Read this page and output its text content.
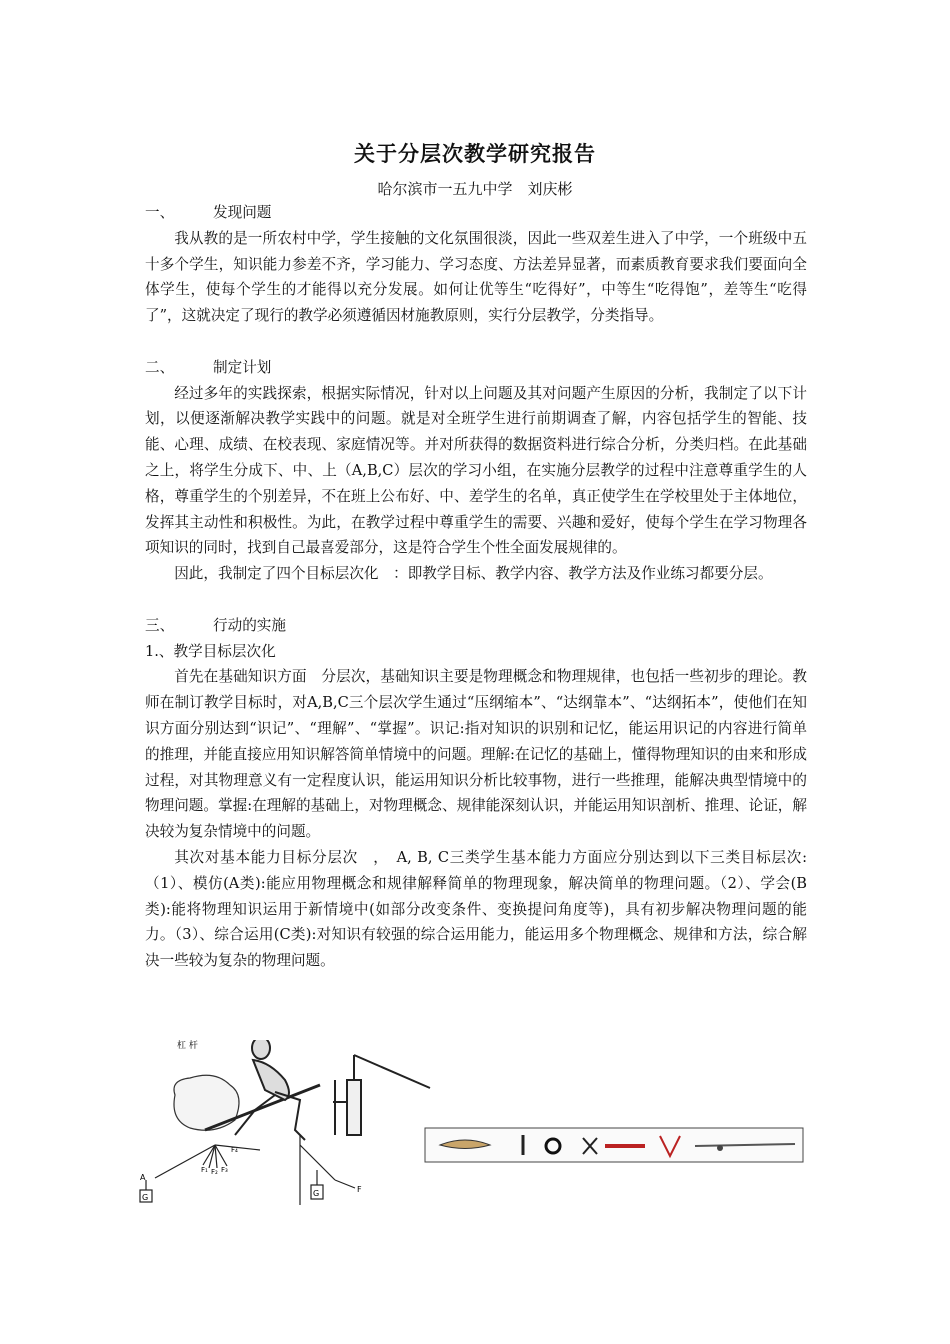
关于分层次教学研究报告
哈尔滨市一五九中学　刘庆彬
一、	发现问题

我从教的是一所农村中学，学生接触的文化氛围很淡，因此一些双差生进入了中学，一个班级中五十多个学生，知识能力参差不齐，学习能力、学习态度、方法差异显著，而素质教育要求我们要面向全体学生，使每个学生的才能得以充分发展。如何让优等生“吃得好”，中等生“吃得饱”，差等生“吃得了”，这就决定了现行的教学必须遵循因材施教原则，实行分层教学，分类指导。

二、	制定计划

经过多年的实践探索，根据实际情况，针对以上问题及其对问题产生原因的分析，我制定了以下计划，以便逐渐解决教学实践中的问题。就是对全班学生进行前期调查了解，内容包括学生的智能、技能、心理、成绩、在校表现、家庭情况等。并对所获得的数据资料进行综合分析，分类归档。在此基础之上，将学生分成下、中、上（A,B,C）层次的学习小组，在实施分层教学的过程中注意尊重学生的人格，尊重学生的个别差异，不在班上公布好、中、差学生的名单，真正使学生在学校里处于主体地位，发挥其主动性和积极性。为此，在教学过程中尊重学生的需要、兴趣和爱好，使每个学生在学习物理各项知识的同时，找到自己最喜爱部分，这是符合学生个性全面发展规律的。

因此，我制定了四个目标层次化　：即教学目标、教学内容、教学方法及作业练习都要分层。

三、	行动的实施
1.、教学目标层次化

首先在基础知识方面　分层次，基础知识主要是物理概念和物理规律，也包括一些初步的理论。教师在制订教学目标时，对A,B,C三个层次学生通过“压纲缩本”、“达纲靠本”、“达纲拓本”，使他们在知识方面分别达到“识记”、“理解”、“掌握”。识记:指对知识的识别和记忆，能运用识记的内容进行简单的推理，并能直接应用知识解答简单情境中的问题。理解:在记忆的基础上，懂得物理知识的由来和形成过程，对其物理意义有一定程度认识，能运用知识分析比较事物，进行一些推理，能解决典型情境中的物理问题。掌握:在理解的基础上，对物理概念、规律能深刻认识，并能运用知识剖析、推理、论证，解决较为复杂情境中的问题。

其次对基本能力目标分层次　，　A, B, C三类学生基本能力方面应分别达到以下三类目标层次:（1）、模仿(A类):能应用物理概念和规律解释简单的物理现象，解决简单的物理问题。（2）、学会(B类):能将物理知识运用于新情境中(如部分改变条件、变换提问角度等)，具有初步解决物理问题的能力。（3）、综合运用(C类):对知识有较强的综合运用能力，能运用多个物理概念、规律和方法，综合解决一些较为复杂的物理问题。

杠 杆
A
G
F₁ F₂ F₃
F₄
G	F
